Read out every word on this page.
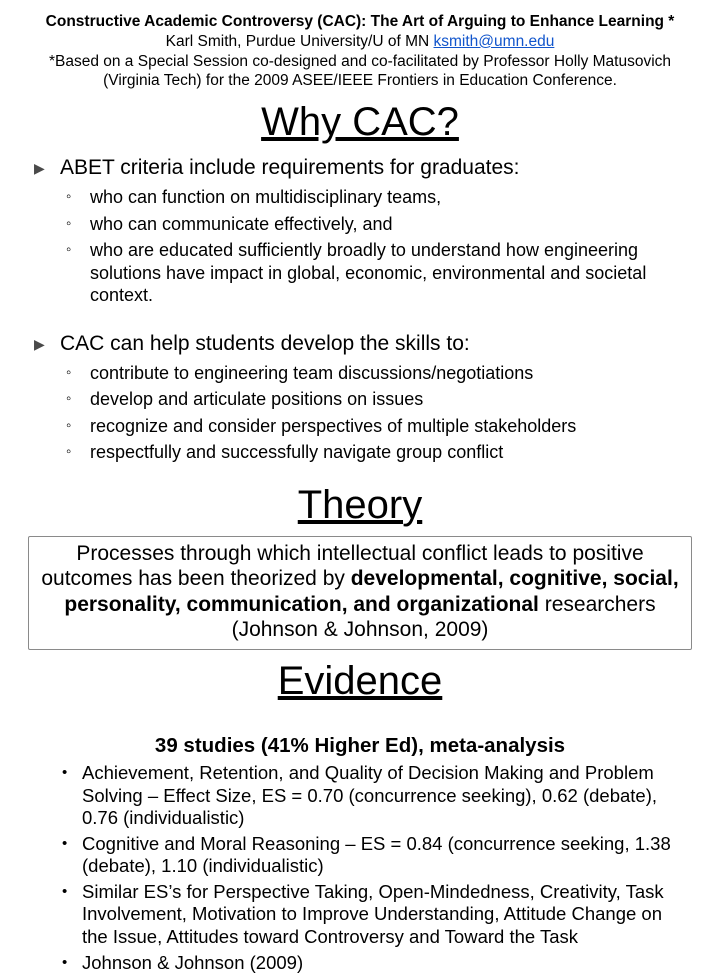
Constructive Academic Controversy (CAC): The Art of Arguing to Enhance Learning *
Karl Smith, Purdue University/U of MN ksmith@umn.edu
*Based on a Special Session co-designed and co-facilitated by Professor Holly Matusovich
(Virginia Tech) for the 2009 ASEE/IEEE Frontiers in Education Conference.
Why CAC?
▶ ABET criteria include requirements for graduates:
◦	who can function on multidisciplinary teams,
◦	who can communicate effectively, and
◦	who are educated sufficiently broadly to understand how engineering solutions have impact in global, economic, environmental and societal context.
▶ CAC can help students develop the skills to:
◦	contribute to engineering team discussions/negotiations
◦	develop and articulate positions on issues
◦	recognize and consider perspectives of multiple stakeholders
◦	respectfully and successfully navigate group conflict
Theory
Processes through which intellectual conflict leads to positive outcomes has been theorized by developmental, cognitive, social, personality, communication, and organizational researchers (Johnson & Johnson, 2009)
Evidence
39 studies (41% Higher Ed), meta-analysis
• Achievement, Retention, and Quality of Decision Making and Problem Solving – Effect Size, ES = 0.70 (concurrence seeking), 0.62 (debate), 0.76 (individualistic)
• Cognitive and Moral Reasoning – ES = 0.84 (concurrence seeking, 1.38 (debate), 1.10 (individualistic)
• Similar ES’s for Perspective Taking, Open-Mindedness, Creativity, Task Involvement, Motivation to Improve Understanding, Attitude Change on the Issue, Attitudes toward Controversy and Toward the Task
• Johnson & Johnson (2009)
